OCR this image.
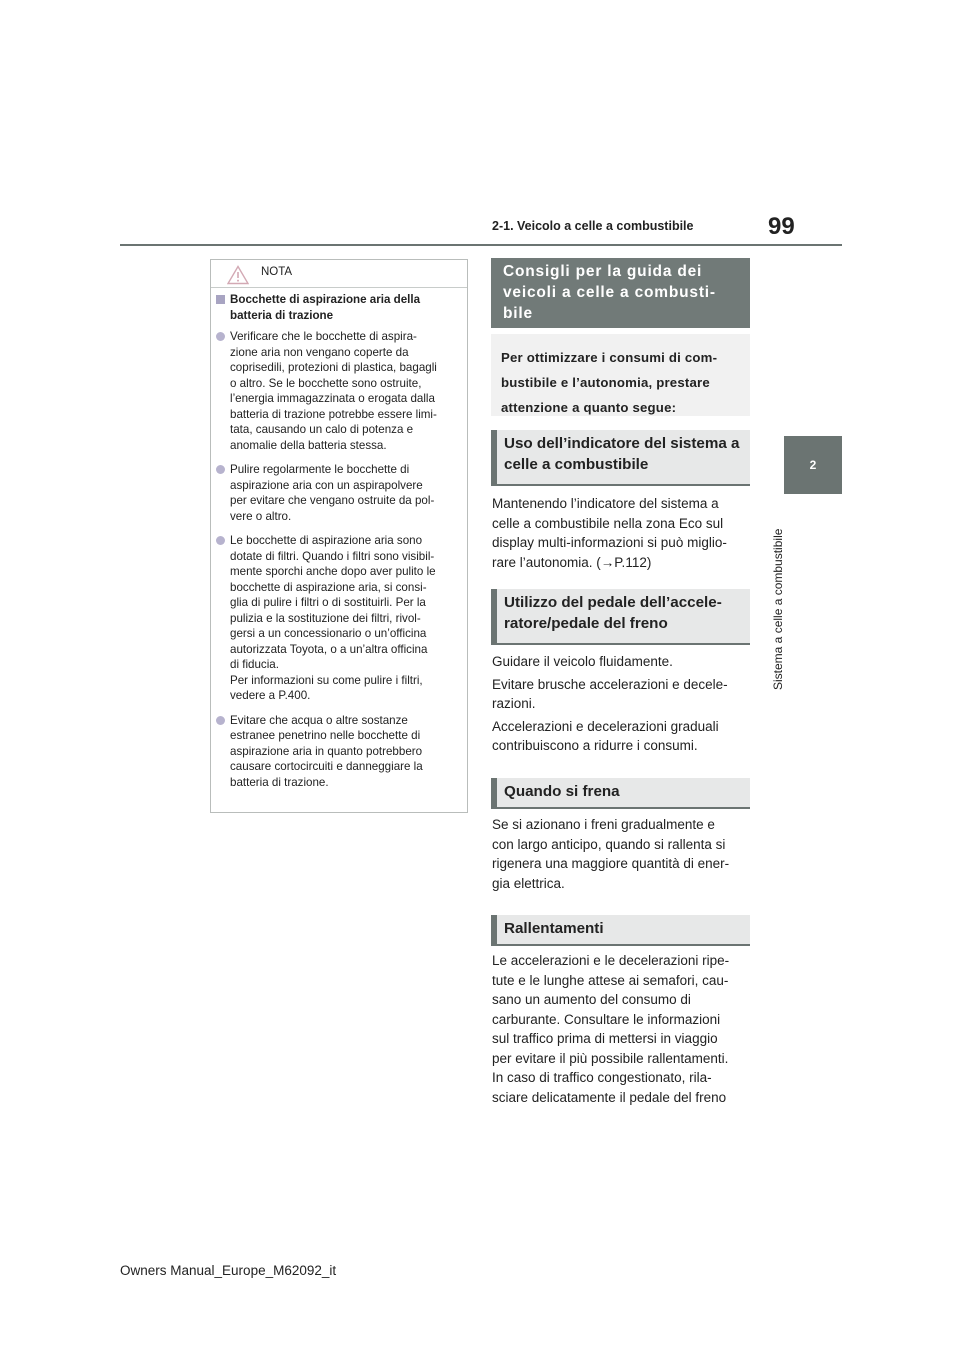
2-1. Veicolo a celle a combustibile	99
2
Sistema a celle a combustibile
NOTA
Bocchette di aspirazione aria della batteria di trazione
Verificare che le bocchette di aspira-
zione aria non vengano coperte da
coprisedili, protezioni di plastica, bagagli
o altro. Se le bocchette sono ostruite,
l’energia immagazzinata o erogata dalla
batteria di trazione potrebbe essere limi-
tata, causando un calo di potenza e
anomalie della batteria stessa.
Pulire regolarmente le bocchette di
aspirazione aria con un aspirapolvere
per evitare che vengano ostruite da pol-
vere o altro.
Le bocchette di aspirazione aria sono
dotate di filtri. Quando i filtri sono visibil-
mente sporchi anche dopo aver pulito le
bocchette di aspirazione aria, si consi-
glia di pulire i filtri o di sostituirli. Per la
pulizia e la sostituzione dei filtri, rivol-
gersi a un concessionario o un’officina
autorizzata Toyota, o a un’altra officina
di fiducia.
Per informazioni su come pulire i filtri,
vedere a P.400.
Evitare che acqua o altre sostanze
estranee penetrino nelle bocchette di
aspirazione aria in quanto potrebbero
causare cortocircuiti e danneggiare la
batteria di trazione.
Consigli per la guida dei veicoli a celle a combusti-bile
Per ottimizzare i consumi di com-
bustibile e l’autonomia, prestare
attenzione a quanto segue:
Uso dell’indicatore del sistema a celle a combustibile

Mantenendo l’indicatore del sistema a
celle a combustibile nella zona Eco sul
display multi-informazioni si può miglio-
rare l’autonomia. (→P.112)

Utilizzo del pedale dell’accele-ratore/pedale del freno

Guidare il veicolo fluidamente.

Evitare brusche accelerazioni e decele-
razioni.

Accelerazioni e decelerazioni graduali
contribuiscono a ridurre i consumi.

Quando si frena

Se si azionano i freni gradualmente e
con largo anticipo, quando si rallenta si
rigenera una maggiore quantità di ener-
gia elettrica.

Rallentamenti

Le accelerazioni e le decelerazioni ripe-
tute e le lunghe attese ai semafori, cau-
sano un aumento del consumo di
carburante. Consultare le informazioni
sul traffico prima di mettersi in viaggio
per evitare il più possibile rallentamenti.
In caso di traffico congestionato, rila-
sciare delicatamente il pedale del freno

Owners Manual_Europe_M62092_it
